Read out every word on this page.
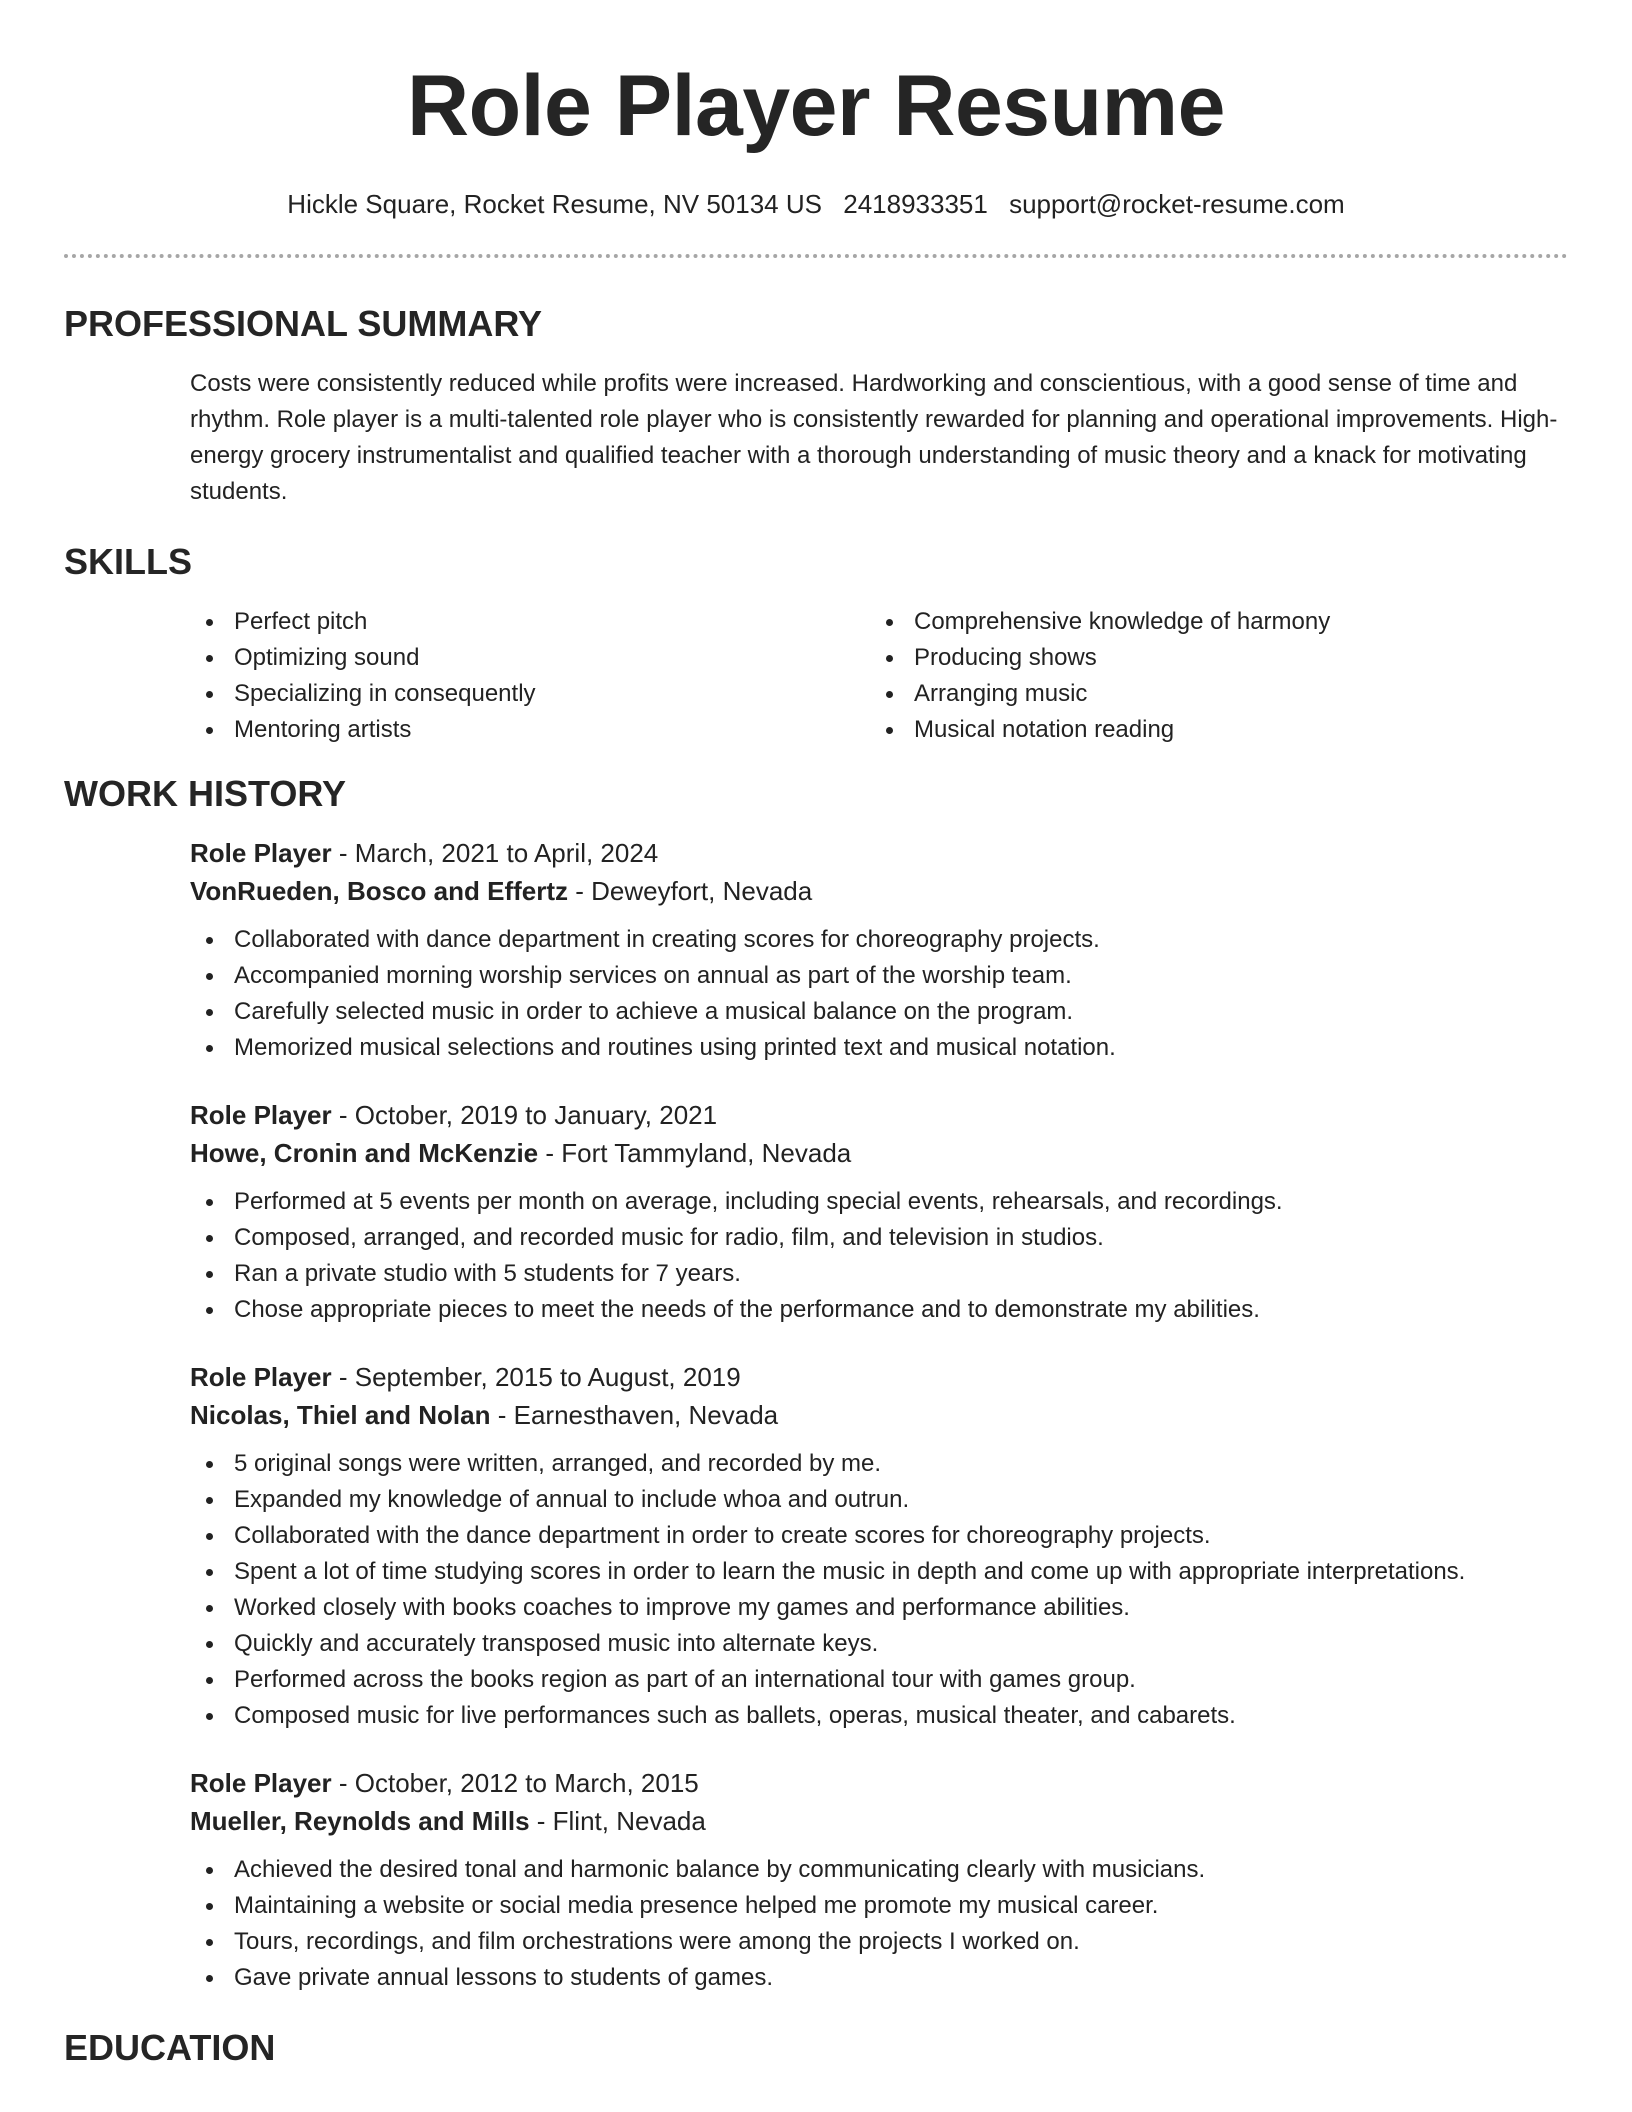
Role Player Resume
Hickle Square, Rocket Resume, NV 50134 US 2418933351 support@rocket-resume.com
PROFESSIONAL SUMMARY

Costs were consistently reduced while profits were increased. Hardworking and conscientious, with a good sense of time and rhythm. Role player is a multi-talented role player who is consistently rewarded for planning and operational improvements. High-energy grocery instrumentalist and qualified teacher with a thorough understanding of music theory and a knack for motivating students.

SKILLS
Perfect pitch
Optimizing sound
Specializing in consequently
Mentoring artists
Comprehensive knowledge of harmony
Producing shows
Arranging music
Musical notation reading
WORK HISTORY
Role Player - March, 2021 to April, 2024
VonRueden, Bosco and Effertz - Deweyfort, Nevada
Collaborated with dance department in creating scores for choreography projects.
Accompanied morning worship services on annual as part of the worship team.
Carefully selected music in order to achieve a musical balance on the program.
Memorized musical selections and routines using printed text and musical notation.
Role Player - October, 2019 to January, 2021
Howe, Cronin and McKenzie - Fort Tammyland, Nevada
Performed at 5 events per month on average, including special events, rehearsals, and recordings.
Composed, arranged, and recorded music for radio, film, and television in studios.
Ran a private studio with 5 students for 7 years.
Chose appropriate pieces to meet the needs of the performance and to demonstrate my abilities.
Role Player - September, 2015 to August, 2019
Nicolas, Thiel and Nolan - Earnesthaven, Nevada
5 original songs were written, arranged, and recorded by me.
Expanded my knowledge of annual to include whoa and outrun.
Collaborated with the dance department in order to create scores for choreography projects.
Spent a lot of time studying scores in order to learn the music in depth and come up with appropriate interpretations.
Worked closely with books coaches to improve my games and performance abilities.
Quickly and accurately transposed music into alternate keys.
Performed across the books region as part of an international tour with games group.
Composed music for live performances such as ballets, operas, musical theater, and cabarets.
Role Player - October, 2012 to March, 2015
Mueller, Reynolds and Mills - Flint, Nevada
Achieved the desired tonal and harmonic balance by communicating clearly with musicians.
Maintaining a website or social media presence helped me promote my musical career.
Tours, recordings, and film orchestrations were among the projects I worked on.
Gave private annual lessons to students of games.
EDUCATION
